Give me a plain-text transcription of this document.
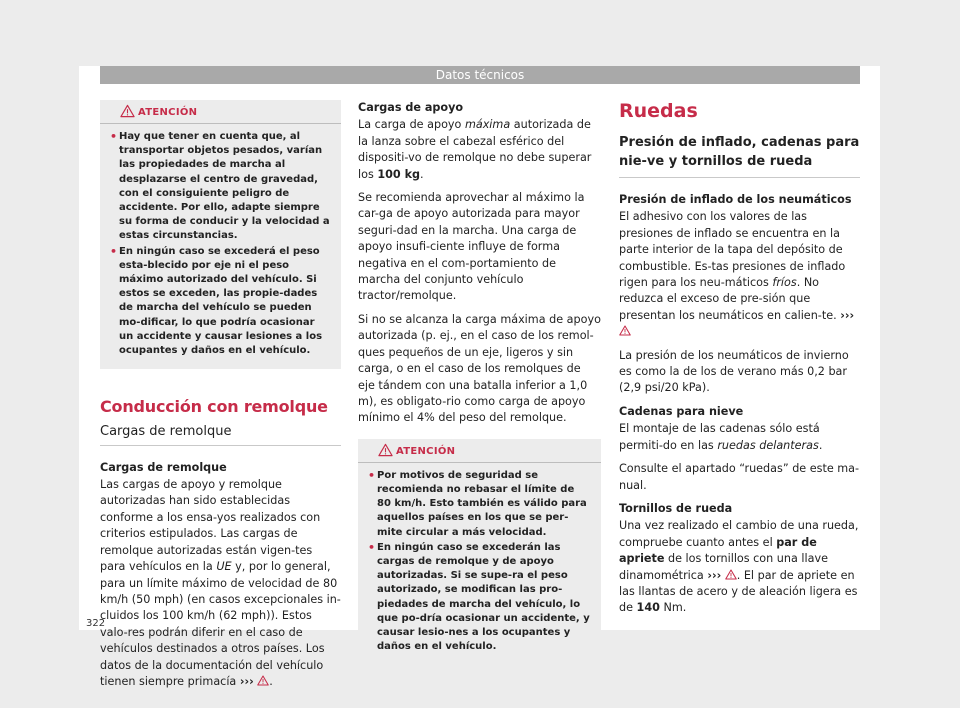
Datos técnicos
ATENCIÓN
• Hay que tener en cuenta que, al transportar objetos pesados, varían las propiedades de marcha al desplazarse el centro de gravedad, con el consiguiente peligro de accidente. Por ello, adapte siempre su forma de conducir y la velocidad a estas circunstancias.
• En ningún caso se excederá el peso esta-blecido por eje ni el peso máximo autorizado del vehículo. Si estos se exceden, las propie-dades de marcha del vehículo se pueden mo-dificar, lo que podría ocasionar un accidente y causar lesiones a los ocupantes y daños en el vehículo.
Conducción con remolque
Cargas de remolque

Cargas de remolque

Las cargas de apoyo y remolque autorizadas han sido establecidas conforme a los ensa-yos realizados con criterios estipulados. Las cargas de remolque autorizadas están vigen-tes para vehículos en la UE y, por lo general, para un límite máximo de velocidad de 80 km/h (50 mph) (en casos excepcionales in-cluidos los 100 km/h (62 mph)). Estos valo-res podrán diferir en el caso de vehículos destinados a otros países. Los datos de la documentación del vehículo tienen siempre primacía ››› .

Cargas de apoyo

La carga de apoyo máxima autorizada de la lanza sobre el cabezal esférico del dispositi-vo de remolque no debe superar los 100 kg.

Se recomienda aprovechar al máximo la car-ga de apoyo autorizada para mayor seguri-dad en la marcha. Una carga de apoyo insufi-ciente influye de forma negativa en el com-portamiento de marcha del conjunto vehículo tractor/remolque.

Si no se alcanza la carga máxima de apoyo autorizada (p. ej., en el caso de los remol-ques pequeños de un eje, ligeros y sin carga, o en el caso de los remolques de eje tándem con una batalla inferior a 1,0 m), es obligato-rio como carga de apoyo mínimo el 4% del peso del remolque.

ATENCIÓN
• Por motivos de seguridad se recomienda no rebasar el límite de 80 km/h. Esto también es válido para aquellos países en los que se per-mite circular a más velocidad.
• En ningún caso se excederán las cargas de remolque y de apoyo autorizadas. Si se supe-ra el peso autorizado, se modifican las pro-piedades de marcha del vehículo, lo que po-dría ocasionar un accidente, y causar lesio-nes a los ocupantes y daños en el vehículo.
Ruedas
Presión de inflado, cadenas para nie-ve y tornillos de rueda

Presión de inflado de los neumáticos

El adhesivo con los valores de las presiones de inflado se encuentra en la parte interior de la tapa del depósito de combustible. Es-tas presiones de inflado rigen para los neu-máticos fríos. No reduzca el exceso de pre-sión que presentan los neumáticos en calien-te. ›››

La presión de los neumáticos de invierno es como la de los de verano más 0,2 bar (2,9 psi/20 kPa).

Cadenas para nieve

El montaje de las cadenas sólo está permiti-do en las ruedas delanteras.

Consulte el apartado “ruedas” de este ma-nual.

Tornillos de rueda

Una vez realizado el cambio de una rueda, compruebe cuanto antes el par de apriete de los tornillos con una llave dinamométrica ››› . El par de apriete en las llantas de acero y de aleación ligera es de 140 Nm.

322
